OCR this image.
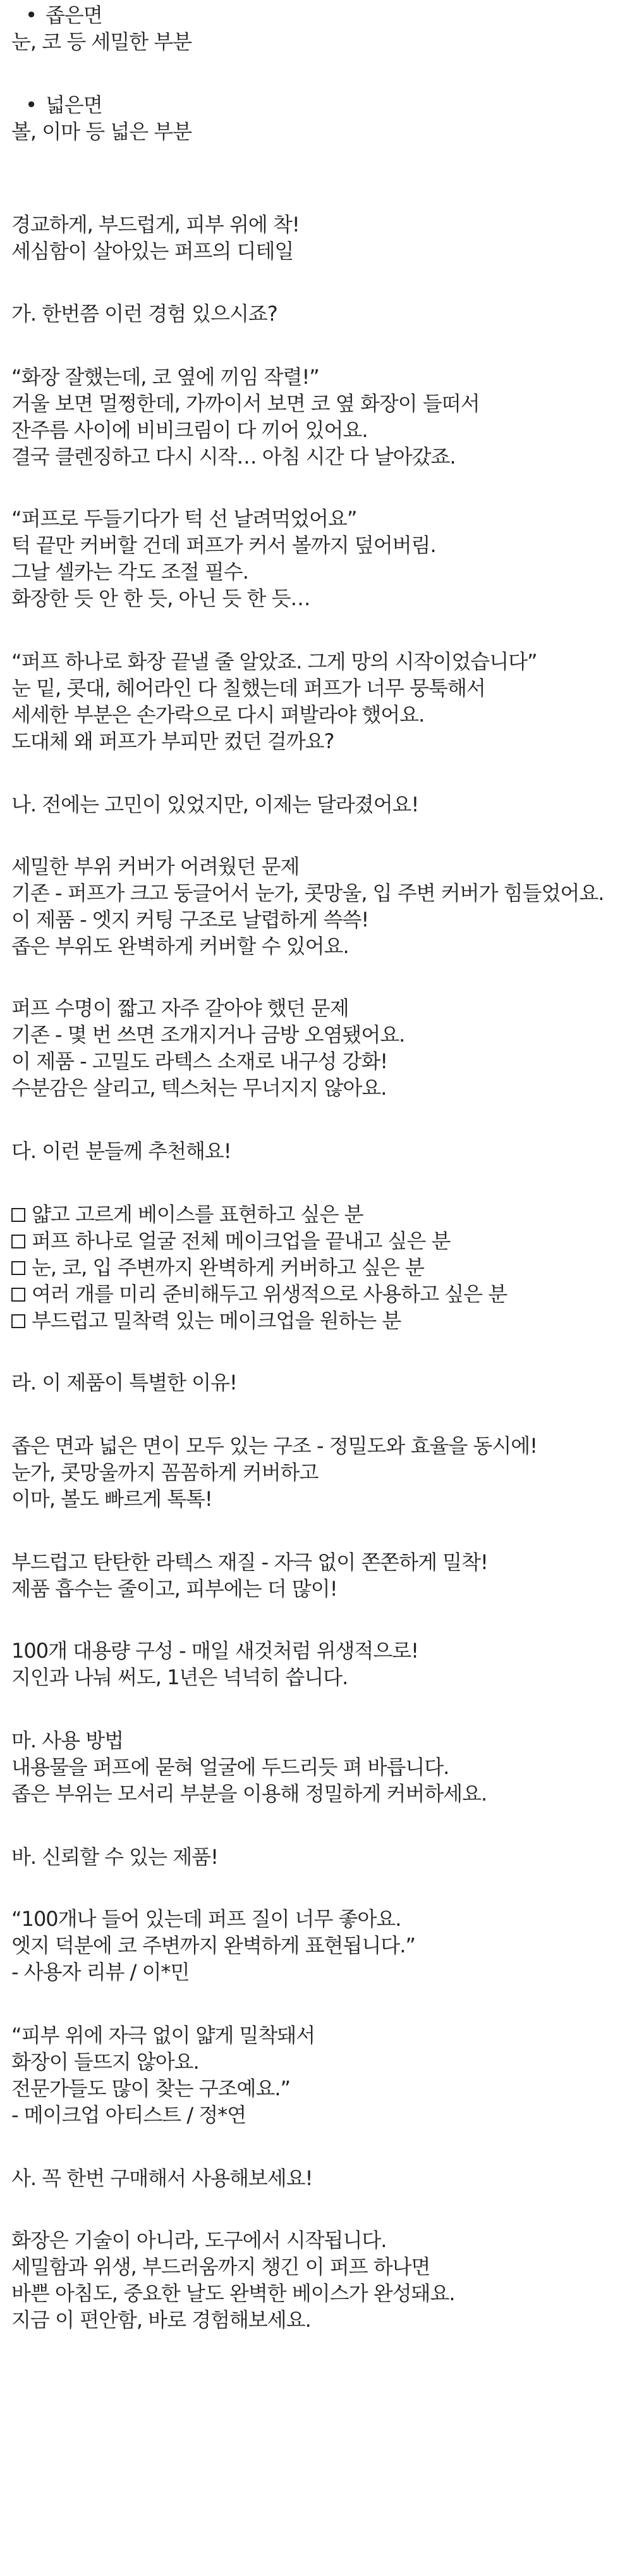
• 좁은면
눈, 코 등 세밀한 부분
• 넓은면
볼, 이마 등 넓은 부분
경교하게, 부드럽게, 피부 위에 착!
세심함이 살아있는 퍼프의 디테일
가. 한번쯤 이런 경험 있으시죠?
“화장 잘했는데, 코 옆에 끼임 작렬!”
거울 보면 멀쩡한데, 가까이서 보면 코 옆 화장이 들떠서
잔주름 사이에 비비크림이 다 끼어 있어요.
결국 클렌징하고 다시 시작… 아침 시간 다 날아갔죠.
“퍼프로 두들기다가 턱 선 날려먹었어요”
턱 끝만 커버할 건데 퍼프가 커서 볼까지 덮어버림.
그날 셀카는 각도 조절 필수.
화장한 듯 안 한 듯, 아닌 듯 한 듯…
“퍼프 하나로 화장 끝낼 줄 알았죠. 그게 망의 시작이었습니다”
눈 밑, 콧대, 헤어라인 다 칠했는데 퍼프가 너무 뭉툭해서
세세한 부분은 손가락으로 다시 펴발라야 했어요.
도대체 왜 퍼프가 부피만 컸던 걸까요?
나. 전에는 고민이 있었지만, 이제는 달라졌어요!
세밀한 부위 커버가 어려웠던 문제
기존 - 퍼프가 크고 둥글어서 눈가, 콧망울, 입 주변 커버가 힘들었어요.
이 제품 - 엣지 커팅 구조로 날렵하게 쓱쓱!
좁은 부위도 완벽하게 커버할 수 있어요.
퍼프 수명이 짧고 자주 갈아야 했던 문제
기존 - 몇 번 쓰면 조개지거나 금방 오염됐어요.
이 제품 - 고밀도 라텍스 소재로 내구성 강화!
수분감은 살리고, 텍스처는 무너지지 않아요.
다. 이런 분들께 추천해요!
얇고 고르게 베이스를 표현하고 싶은 분
퍼프 하나로 얼굴 전체 메이크업을 끝내고 싶은 분
눈, 코, 입 주변까지 완벽하게 커버하고 싶은 분
여러 개를 미리 준비해두고 위생적으로 사용하고 싶은 분
부드럽고 밀착력 있는 메이크업을 원하는 분
라. 이 제품이 특별한 이유!
좁은 면과 넓은 면이 모두 있는 구조 - 정밀도와 효율을 동시에!
눈가, 콧망울까지 꼼꼼하게 커버하고
이마, 볼도 빠르게 톡톡!
부드럽고 탄탄한 라텍스 재질 - 자극 없이 쫀쫀하게 밀착!
제품 흡수는 줄이고, 피부에는 더 많이!
100개 대용량 구성 - 매일 새것처럼 위생적으로!
지인과 나눠 써도, 1년은 넉넉히 씁니다.
마. 사용 방법
내용물을 퍼프에 묻혀 얼굴에 두드리듯 펴 바릅니다.
좁은 부위는 모서리 부분을 이용해 정밀하게 커버하세요.
바. 신뢰할 수 있는 제품!
“100개나 들어 있는데 퍼프 질이 너무 좋아요.
엣지 덕분에 코 주변까지 완벽하게 표현됩니다.”
- 사용자 리뷰 / 이*민
“피부 위에 자극 없이 얇게 밀착돼서
화장이 들뜨지 않아요.
전문가들도 많이 찾는 구조예요.”
- 메이크업 아티스트 / 정*연
사. 꼭 한번 구매해서 사용해보세요!
화장은 기술이 아니라, 도구에서 시작됩니다.
세밀함과 위생, 부드러움까지 챙긴 이 퍼프 하나면
바쁜 아침도, 중요한 날도 완벽한 베이스가 완성돼요.
지금 이 편안함, 바로 경험해보세요.
